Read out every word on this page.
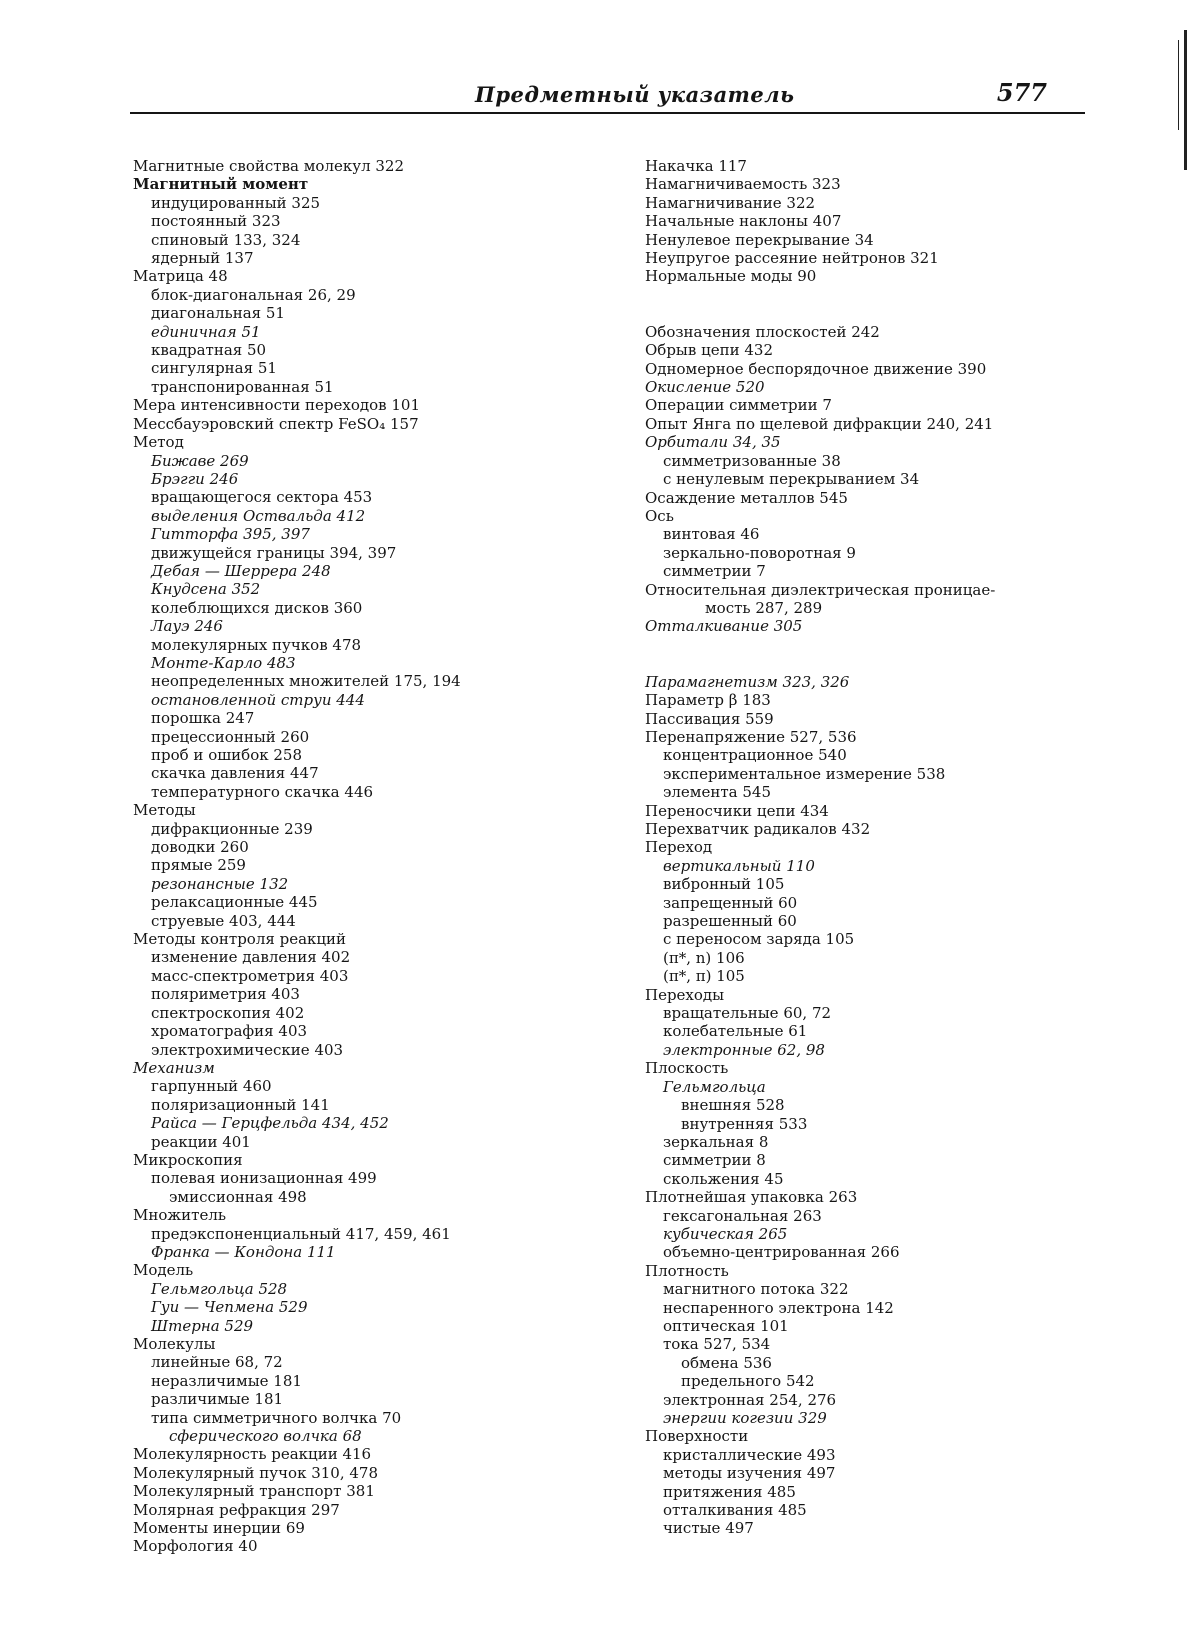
Предметный указатель	577
Магнитные свойства молекул 322
Магнитный момент
индуцированный 325
постоянный 323
спиновый 133, 324
ядерный 137
Матрица 48
блок-диагональная 26, 29
диагональная 51
единичная 51
квадратная 50
сингулярная 51
транспонированная 51
Мера интенсивности переходов 101
Мессбауэровский спектр FeSO₄ 157
Метод
Бижаве 269
Брэгги 246
вращающегося сектора 453
выделения Оствальда 412
Гитторфа 395, 397
движущейся границы 394, 397
Дебая — Шеррера 248
Кнудсена 352
колеблющихся дисков 360
Лауэ 246
молекулярных пучков 478
Монте-Карло 483
неопределенных множителей 175, 194
остановленной струи 444
порошка 247
прецессионный 260
проб и ошибок 258
скачка давления 447
температурного скачка 446
Методы
дифракционные 239
доводки 260
прямые 259
резонансные 132
релаксационные 445
струевые 403, 444
Методы контроля реакций
изменение давления 402
масс-спектрометрия 403
поляриметрия 403
спектроскопия 402
хроматография 403
электрохимические 403
Механизм
гарпунный 460
поляризационный 141
Райса — Герцфельда 434, 452
реакции 401
Микроскопия
полевая ионизационная 499
эмиссионная 498
Множитель
предэкспоненциальный 417, 459, 461
Франка — Кондона 111
Модель
Гельмгольца 528
Гуи — Чепмена 529
Штерна 529
Молекулы
линейные 68, 72
неразличимые 181
различимые 181
типа симметричного волчка 70
сферического волчка 68
Молекулярность реакции 416
Молекулярный пучок 310, 478
Молекулярный транспорт 381
Молярная рефракция 297
Моменты инерции 69
Морфология 40
Накачка 117
Намагничиваемость 323
Намагничивание 322
Начальные наклоны 407
Ненулевое перекрывание 34
Неупругое рассеяние нейтронов 321
Нормальные моды 90
Обозначения плоскостей 242
Обрыв цепи 432
Одномерное беспорядочное движение 390
Окисление 520
Операции симметрии 7
Опыт Янга по щелевой дифракции 240, 241
Орбитали 34, 35
симметризованные 38
с ненулевым перекрыванием 34
Осаждение металлов 545
Ось
винтовая 46
зеркально-поворотная 9
симметрии 7
Относительная диэлектрическая проницае-
мость 287, 289
Отталкивание 305
Парамагнетизм 323, 326
Параметр β 183
Пассивация 559
Перенапряжение 527, 536
концентрационное 540
экспериментальное измерение 538
элемента 545
Переносчики цепи 434
Перехватчик радикалов 432
Переход
вертикальный 110
вибронный 105
запрещенный 60
разрешенный 60
с переносом заряда 105
(π*, n) 106
(π*, π) 105
Переходы
вращательные 60, 72
колебательные 61
электронные 62, 98
Плоскость
Гельмгольца
внешняя 528
внутренняя 533
зеркальная 8
симметрии 8
скольжения 45
Плотнейшая упаковка 263
гексагональная 263
кубическая 265
объемно-центрированная 266
Плотность
магнитного потока 322
неспаренного электрона 142
оптическая 101
тока 527, 534
обмена 536
предельного 542
электронная 254, 276
энергии когезии 329
Поверхности
кристаллические 493
методы изучения 497
притяжения 485
отталкивания 485
чистые 497
